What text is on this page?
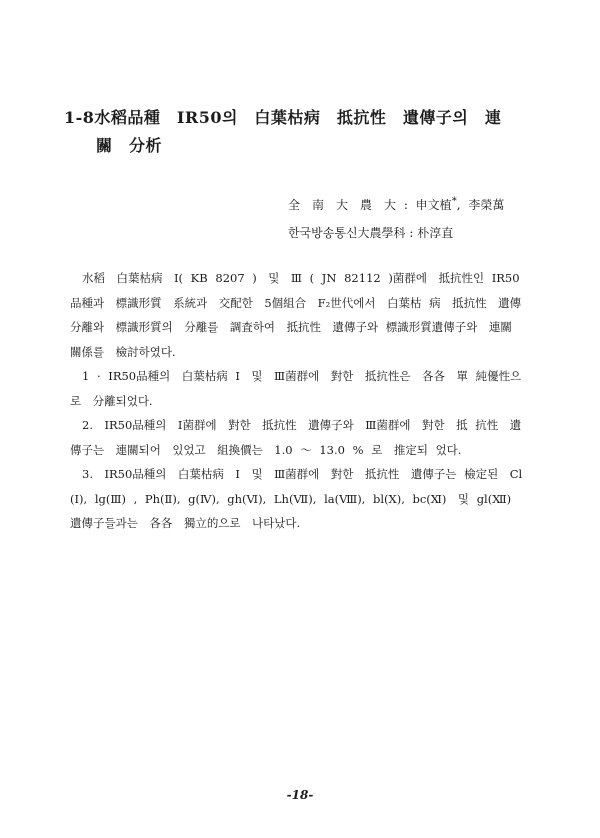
1-8水稻品種　IR50의　白葉枯病　抵抗性　遺傳子의　連
關　分析
全　南　大　農　大 : 申文植*, 李榮萬
한국방송통신大農學科 : 朴淳直

水稻　白葉枯病　Ⅰ( KB 8207 )　및　Ⅲ ( JN 82112 )菌群에　抵抗性인 IR50品種과　標識形質　系統과　交配한　5個組合　F₂世代에서　白葉枯 病　抵抗性　遺傳分離와　標識形質의　分離를　調査하여　抵抗性　遺傳子와 標識形質遺傳子와　連關　關係를　檢討하였다.

1 · IR50品種의　白葉枯病 Ⅰ　및　Ⅲ菌群에　對한　抵抗性은　各各　單 純優性으로　分離되었다.

2.　IR50品種의　Ⅰ菌群에　對한　抵抗性　遺傳子와　Ⅲ菌群에　對한　抵 抗性　遺傳子는　連關되어　있었고　組換價는　1.0 ～ 13.0 % 로　推定되 었다.

3.　IR50品種의　白葉枯病　Ⅰ　및　Ⅲ菌群에　對한　抵抗性　遺傳子는 檢定된　Cl (Ⅰ), lg(Ⅲ) , Ph(Ⅱ), g(Ⅳ), gh(Ⅵ), Lh(Ⅶ), la(Ⅷ), bl(Ⅹ), bc(Ⅺ)　및 gl(Ⅻ)　遺傳子들과는　各各　獨立的으로　나타났다.

-18-
